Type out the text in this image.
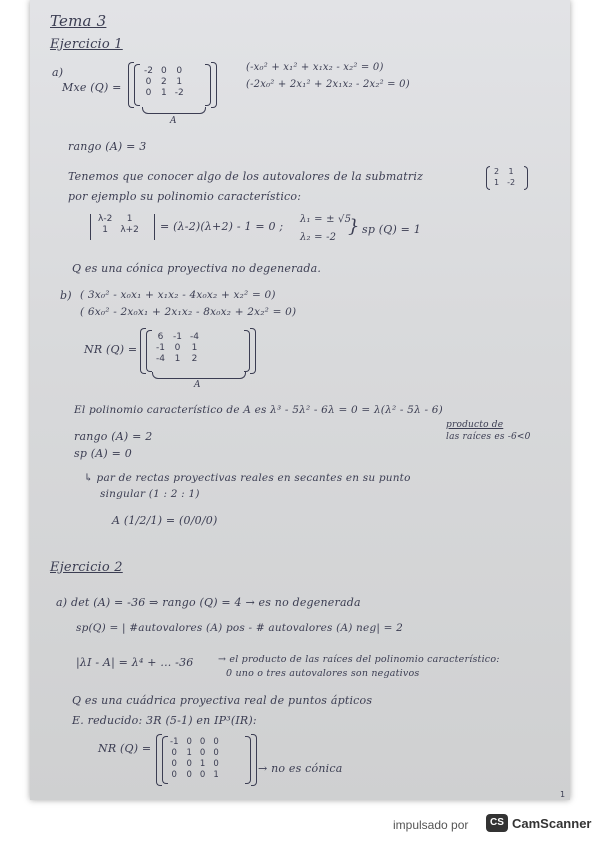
Tema 3
Ejercicio 1
a)
Mxe (Q) =
-2	0	0
0	2	1
0	1	-2
A
(-x₀² + x₁² + x₁x₂ - x₂² = 0)
(-2x₀² + 2x₁² + 2x₁x₂ - 2x₂² = 0)
rango (A) = 3
Tenemos que conocer algo de los autovalores de la submatriz	2	1
1	-2
por ejemplo su polinomio característico:
λ-2	1
1	λ+2 = (λ-2)(λ+2) - 1 = 0 ;
λ₁ = ± √5
λ₂ = -2
} sp (Q) = 1
Q es una cónica proyectiva no degenerada.
b) ( 3x₀² - x₀x₁ + x₁x₂ - 4x₀x₂ + x₂² = 0)
( 6x₀² - 2x₀x₁ + 2x₁x₂ - 8x₀x₂ + 2x₂² = 0)
NR (Q) =
6	-1	-4
-1	0	1
-4	1	2
A
El polinomio característico de A es λ³ - 5λ² - 6λ = 0 = λ(λ² - 5λ - 6)
producto de
las raíces es -6<0
rango (A) = 2
sp (A) = 0
↳ par de rectas proyectivas reales en secantes en su punto
singular (1 : 2 : 1)
A (1/2/1) = (0/0/0)
Ejercicio 2
a) det (A) = -36 ⇒ rango (Q) = 4 → es no degenerada
sp(Q) = | #autovalores (A) pos - # autovalores (A) neg| = 2
|λI - A| = λ⁴ + ... -36	→ el producto de las raíces del polinomio característico:
0 uno o tres autovalores son negativos
Q es una cuádrica proyectiva real de puntos ápticos
E. reducido: 3R (5-1) en IP³(IR):
NR (Q) = -1	0	0	0
0	1	0	0
0	0	1	0
0	0	0	1	→ no es cónica
1
impulsado por	CS CamScanner
